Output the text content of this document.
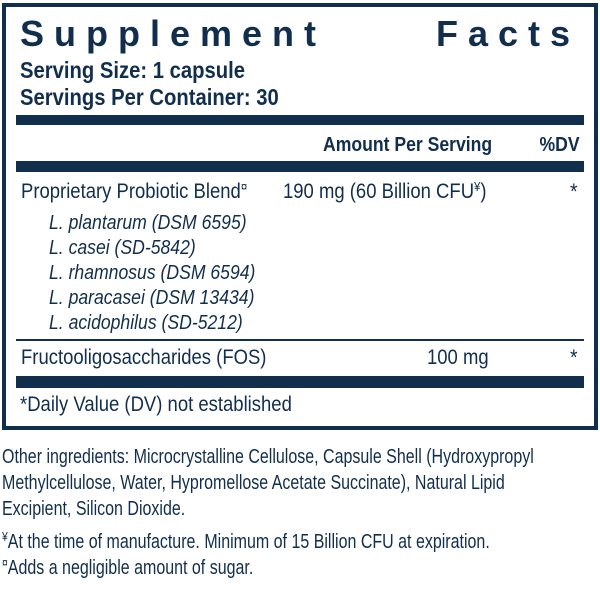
Supplement Facts
Serving Size: 1 capsule
Servings Per Container: 30
Amount Per Serving	%DV
Proprietary Probiotic Blend¤	190 mg (60 Billion CFU¥)	*
L. plantarum (DSM 6595)
L. casei (SD-5842)
L. rhamnosus (DSM 6594)
L. paracasei (DSM 13434)
L. acidophilus (SD-5212)
Fructooligosaccharides (FOS)	100 mg	*
*Daily Value (DV) not established
Other ingredients: Microcrystalline Cellulose, Capsule Shell (Hydroxypropyl
Methylcellulose, Water, Hypromellose Acetate Succinate), Natural Lipid
Excipient, Silicon Dioxide.
¥At the time of manufacture. Minimum of 15 Billion CFU at expiration.
¤Adds a negligible amount of sugar.
